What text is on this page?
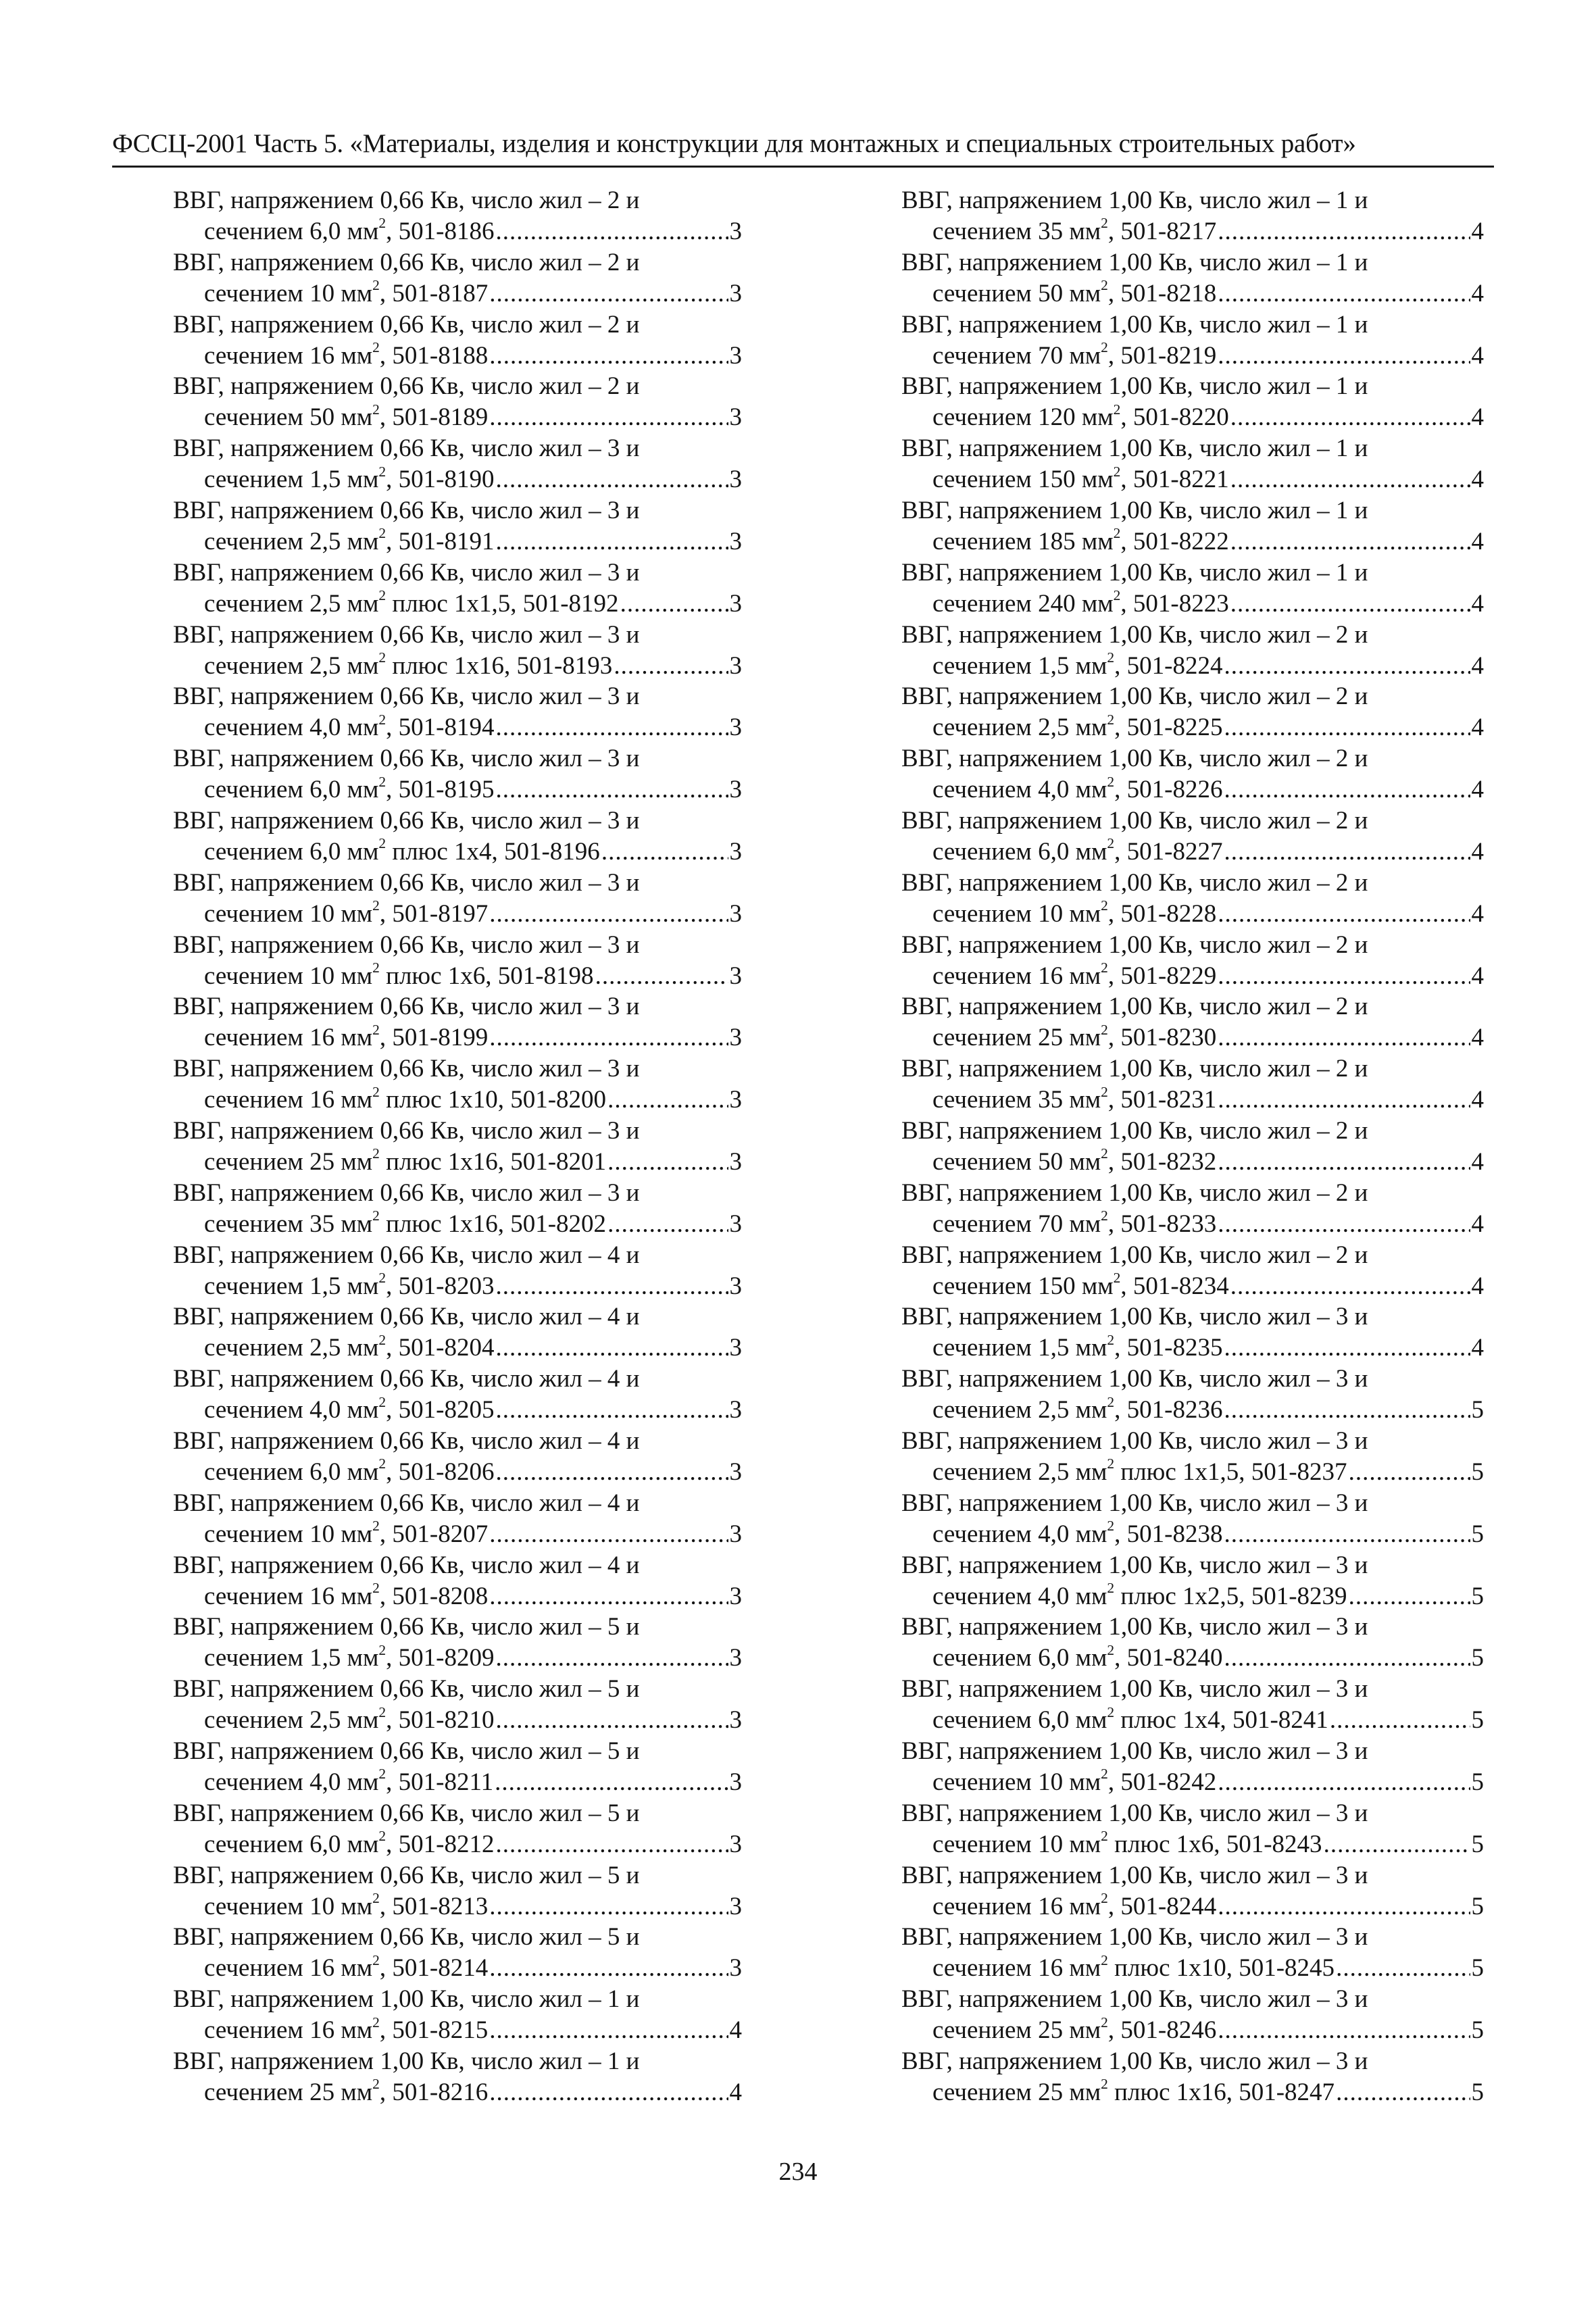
ФССЦ-2001 Часть 5. «Материалы, изделия и конструкции для монтажных и специальных строительных работ»
ВВГ, напряжением 0,66 Кв, число жил – 2 и
сечением 6,0 $мм^2$, 501-8186 .....	3
ВВГ, напряжением 0,66 Кв, число жил – 2 и
сечением 10 $мм^2$, 501-8187 .....	3
ВВГ, напряжением 0,66 Кв, число жил – 2 и
сечением 16 $мм^2$, 501-8188 .....	3
ВВГ, напряжением 0,66 Кв, число жил – 2 и
сечением 50 $мм^2$, 501-8189 .....	3
ВВГ, напряжением 0,66 Кв, число жил – 3 и
сечением 1,5 $мм^2$, 501-8190 .....	3
ВВГ, напряжением 0,66 Кв, число жил – 3 и
сечением 2,5 $мм^2$, 501-8191 .....	3
ВВГ, напряжением 0,66 Кв, число жил – 3 и
сечением 2,5 $мм^2$ плюс 1x1,5, 501-8192 .....	3
ВВГ, напряжением 0,66 Кв, число жил – 3 и
сечением 2,5 $мм^2$ плюс 1x16, 501-8193 .....	3
ВВГ, напряжением 0,66 Кв, число жил – 3 и
сечением 4,0 $мм^2$, 501-8194 .....	3
ВВГ, напряжением 0,66 Кв, число жил – 3 и
сечением 6,0 $мм^2$, 501-8195 .....	3
ВВГ, напряжением 0,66 Кв, число жил – 3 и
сечением 6,0 $мм^2$ плюс 1x4, 501-8196 .....	3
ВВГ, напряжением 0,66 Кв, число жил – 3 и
сечением 10 $мм^2$, 501-8197 .....	3
ВВГ, напряжением 0,66 Кв, число жил – 3 и
сечением 10 $мм^2$ плюс 1x6, 501-8198 .....	3
ВВГ, напряжением 0,66 Кв, число жил – 3 и
сечением 16 $мм^2$, 501-8199 .....	3
ВВГ, напряжением 0,66 Кв, число жил – 3 и
сечением 16 $мм^2$ плюс 1x10, 501-8200 .....	3
ВВГ, напряжением 0,66 Кв, число жил – 3 и
сечением 25 $мм^2$ плюс 1x16, 501-8201 .....	3
ВВГ, напряжением 0,66 Кв, число жил – 3 и
сечением 35 $мм^2$ плюс 1x16, 501-8202 .....	3
ВВГ, напряжением 0,66 Кв, число жил – 4 и
сечением 1,5 $мм^2$, 501-8203 .....	3
ВВГ, напряжением 0,66 Кв, число жил – 4 и
сечением 2,5 $мм^2$, 501-8204 .....	3
ВВГ, напряжением 0,66 Кв, число жил – 4 и
сечением 4,0 $мм^2$, 501-8205 .....	3
ВВГ, напряжением 0,66 Кв, число жил – 4 и
сечением 6,0 $мм^2$, 501-8206 .....	3
ВВГ, напряжением 0,66 Кв, число жил – 4 и
сечением 10 $мм^2$, 501-8207 .....	3
ВВГ, напряжением 0,66 Кв, число жил – 4 и
сечением 16 $мм^2$, 501-8208 .....	3
ВВГ, напряжением 0,66 Кв, число жил – 5 и
сечением 1,5 $мм^2$, 501-8209 .....	3
ВВГ, напряжением 0,66 Кв, число жил – 5 и
сечением 2,5 $мм^2$, 501-8210 .....	3
ВВГ, напряжением 0,66 Кв, число жил – 5 и
сечением 4,0 $мм^2$, 501-8211 .....	3
ВВГ, напряжением 0,66 Кв, число жил – 5 и
сечением 6,0 $мм^2$, 501-8212 .....	3
ВВГ, напряжением 0,66 Кв, число жил – 5 и
сечением 10 $мм^2$, 501-8213 .....	3
ВВГ, напряжением 0,66 Кв, число жил – 5 и
сечением 16 $мм^2$, 501-8214 .....	3
ВВГ, напряжением 1,00 Кв, число жил – 1 и
сечением 16 $мм^2$, 501-8215 .....	4
ВВГ, напряжением 1,00 Кв, число жил – 1 и
сечением 25 $мм^2$, 501-8216 .....	4
ВВГ, напряжением 1,00 Кв, число жил – 1 и
сечением 35 $мм^2$, 501-8217 .....	4
ВВГ, напряжением 1,00 Кв, число жил – 1 и
сечением 50 $мм^2$, 501-8218 .....	4
ВВГ, напряжением 1,00 Кв, число жил – 1 и
сечением 70 $мм^2$, 501-8219 .....	4
ВВГ, напряжением 1,00 Кв, число жил – 1 и
сечением 120 $мм^2$, 501-8220 .....	4
ВВГ, напряжением 1,00 Кв, число жил – 1 и
сечением 150 $мм^2$, 501-8221 .....	4
ВВГ, напряжением 1,00 Кв, число жил – 1 и
сечением 185 $мм^2$, 501-8222 .....	4
ВВГ, напряжением 1,00 Кв, число жил – 1 и
сечением 240 $мм^2$, 501-8223 .....	4
ВВГ, напряжением 1,00 Кв, число жил – 2 и
сечением 1,5 $мм^2$, 501-8224 .....	4
ВВГ, напряжением 1,00 Кв, число жил – 2 и
сечением 2,5 $мм^2$, 501-8225 .....	4
ВВГ, напряжением 1,00 Кв, число жил – 2 и
сечением 4,0 $мм^2$, 501-8226 .....	4
ВВГ, напряжением 1,00 Кв, число жил – 2 и
сечением 6,0 $мм^2$, 501-8227 .....	4
ВВГ, напряжением 1,00 Кв, число жил – 2 и
сечением 10 $мм^2$, 501-8228 .....	4
ВВГ, напряжением 1,00 Кв, число жил – 2 и
сечением 16 $мм^2$, 501-8229 .....	4
ВВГ, напряжением 1,00 Кв, число жил – 2 и
сечением 25 $мм^2$, 501-8230 .....	4
ВВГ, напряжением 1,00 Кв, число жил – 2 и
сечением 35 $мм^2$, 501-8231 .....	4
ВВГ, напряжением 1,00 Кв, число жил – 2 и
сечением 50 $мм^2$, 501-8232 .....	4
ВВГ, напряжением 1,00 Кв, число жил – 2 и
сечением 70 $мм^2$, 501-8233 .....	4
ВВГ, напряжением 1,00 Кв, число жил – 2 и
сечением 150 $мм^2$, 501-8234 .....	4
ВВГ, напряжением 1,00 Кв, число жил – 3 и
сечением 1,5 $мм^2$, 501-8235 .....	4
ВВГ, напряжением 1,00 Кв, число жил – 3 и
сечением 2,5 $мм^2$, 501-8236 .....	5
ВВГ, напряжением 1,00 Кв, число жил – 3 и
сечением 2,5 $мм^2$ плюс 1x1,5, 501-8237 .....	5
ВВГ, напряжением 1,00 Кв, число жил – 3 и
сечением 4,0 $мм^2$, 501-8238 .....	5
ВВГ, напряжением 1,00 Кв, число жил – 3 и
сечением 4,0 $мм^2$ плюс 1x2,5, 501-8239 .....	5
ВВГ, напряжением 1,00 Кв, число жил – 3 и
сечением 6,0 $мм^2$, 501-8240 .....	5
ВВГ, напряжением 1,00 Кв, число жил – 3 и
сечением 6,0 $мм^2$ плюс 1x4, 501-8241 .....	5
ВВГ, напряжением 1,00 Кв, число жил – 3 и
сечением 10 $мм^2$, 501-8242 .....	5
ВВГ, напряжением 1,00 Кв, число жил – 3 и
сечением 10 $мм^2$ плюс 1x6, 501-8243 .....	5
ВВГ, напряжением 1,00 Кв, число жил – 3 и
сечением 16 $мм^2$, 501-8244 .....	5
ВВГ, напряжением 1,00 Кв, число жил – 3 и
сечением 16 $мм^2$ плюс 1x10, 501-8245 .....	5
ВВГ, напряжением 1,00 Кв, число жил – 3 и
сечением 25 $мм^2$, 501-8246 .....	5
ВВГ, напряжением 1,00 Кв, число жил – 3 и
сечением 25 $мм^2$ плюс 1x16, 501-8247 .....	5
234
